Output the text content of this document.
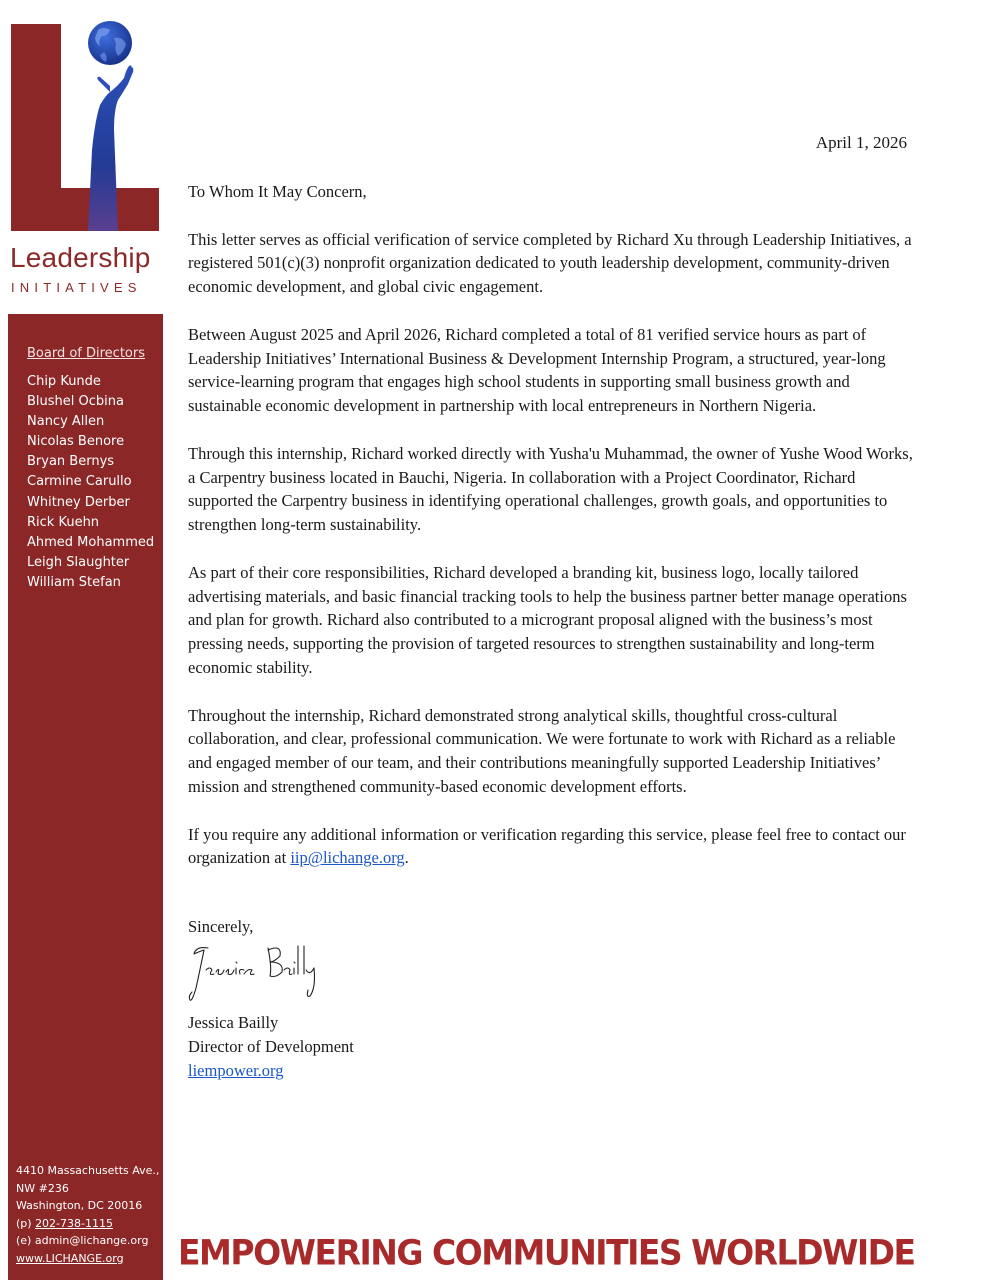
Leadership
INITIATIVES
Board of Directors
Chip Kunde
Blushel Ocbina
Nancy Allen
Nicolas Benore
Bryan Bernys
Carmine Carullo
Whitney Derber
Rick Kuehn
Ahmed Mohammed
Leigh Slaughter
William Stefan
4410 Massachusetts Ave.,
NW #236
Washington, DC 20016
(p) 202-738-1115
(e) admin@lichange.org
www.LICHANGE.org
April 1, 2026

To Whom It May Concern,

This letter serves as official verification of service completed by Richard Xu through Leadership Initiatives, a registered 501(c)(3) nonprofit organization dedicated to youth leadership development, community-driven economic development, and global civic engagement.

Between August 2025 and April 2026, Richard completed a total of 81 verified service hours as part of Leadership Initiatives’ International Business & Development Internship Program, a structured, year-long service-learning program that engages high school students in supporting small business growth and sustainable economic development in partnership with local entrepreneurs in Northern Nigeria.

Through this internship, Richard worked directly with Yusha'u Muhammad, the owner of Yushe Wood Works, a Carpentry business located in Bauchi, Nigeria. In collaboration with a Project Coordinator, Richard supported the Carpentry business in identifying operational challenges, growth goals, and opportunities to strengthen long-term sustainability.

As part of their core responsibilities, Richard developed a branding kit, business logo, locally tailored advertising materials, and basic financial tracking tools to help the business partner better manage operations and plan for growth. Richard also contributed to a microgrant proposal aligned with the business’s most pressing needs, supporting the provision of targeted resources to strengthen sustainability and long-term economic stability.

Throughout the internship, Richard demonstrated strong analytical skills, thoughtful cross-cultural collaboration, and clear, professional communication. We were fortunate to work with Richard as a reliable and engaged member of our team, and their contributions meaningfully supported Leadership Initiatives’ mission and strengthened community-based economic development efforts.

If you require any additional information or verification regarding this service, please feel free to contact our organization at iip@lichange.org.

Sincerely,
Jessica Bailly
Director of Development
liempower.org
EMPOWERING COMMUNITIES WORLDWIDE
